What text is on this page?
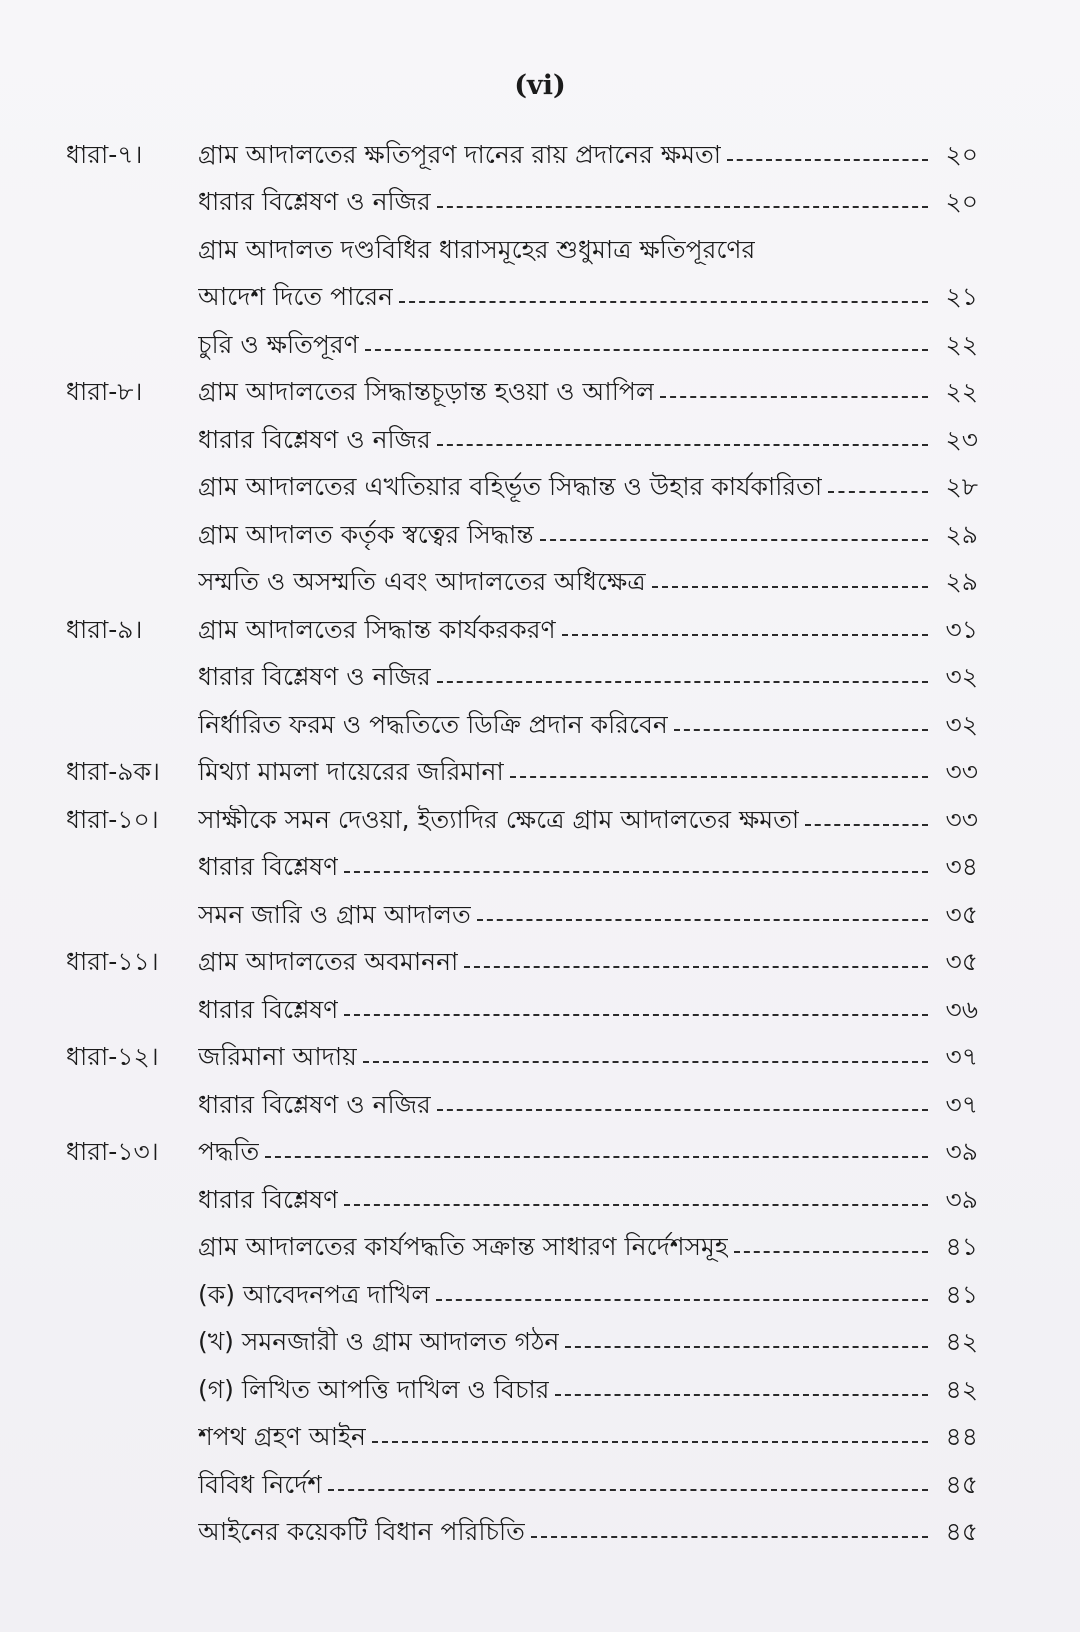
(vi)
ধারা-৭।	গ্রাম আদালতের ক্ষতিপূরণ দানের রায় প্রদানের ক্ষমতা	২০
ধারার বিশ্লেষণ ও নজির	২০
গ্রাম আদালত দণ্ডবিধির ধারাসমূহের শুধুমাত্র ক্ষতিপূরণের
আদেশ দিতে পারেন	২১
চুরি ও ক্ষতিপূরণ	২২
ধারা-৮।	গ্রাম আদালতের সিদ্ধান্তচূড়ান্ত হওয়া ও আপিল	২২
ধারার বিশ্লেষণ ও নজির	২৩
গ্রাম আদালতের এখতিয়ার বহির্ভূত সিদ্ধান্ত ও উহার কার্যকারিতা	২৮
গ্রাম আদালত কর্তৃক স্বত্বের সিদ্ধান্ত	২৯
সম্মতি ও অসম্মতি এবং আদালতের অধিক্ষেত্র	২৯
ধারা-৯।	গ্রাম আদালতের সিদ্ধান্ত কার্যকরকরণ	৩১
ধারার বিশ্লেষণ ও নজির	৩২
নির্ধারিত ফরম ও পদ্ধতিতে ডিক্রি প্রদান করিবেন	৩২
ধারা-৯ক।	মিথ্যা মামলা দায়েরের জরিমানা	৩৩
ধারা-১০।	সাক্ষীকে সমন দেওয়া, ইত্যাদির ক্ষেত্রে গ্রাম আদালতের ক্ষমতা	৩৩
ধারার বিশ্লেষণ	৩৪
সমন জারি ও গ্রাম আদালত	৩৫
ধারা-১১।	গ্রাম আদালতের অবমাননা	৩৫
ধারার বিশ্লেষণ	৩৬
ধারা-১২।	জরিমানা আদায়	৩৭
ধারার বিশ্লেষণ ও নজির	৩৭
ধারা-১৩।	পদ্ধতি	৩৯
ধারার বিশ্লেষণ	৩৯
গ্রাম আদালতের কার্যপদ্ধতি সক্রান্ত সাধারণ নির্দেশসমূহ	৪১
(ক) আবেদনপত্র দাখিল	৪১
(খ) সমনজারী ও গ্রাম আদালত গঠন	৪২
(গ) লিখিত আপত্তি দাখিল ও বিচার	৪২
শপথ গ্রহণ আইন	৪৪
বিবিধ নির্দেশ	৪৫
আইনের কয়েকটি বিধান পরিচিতি	৪৫
